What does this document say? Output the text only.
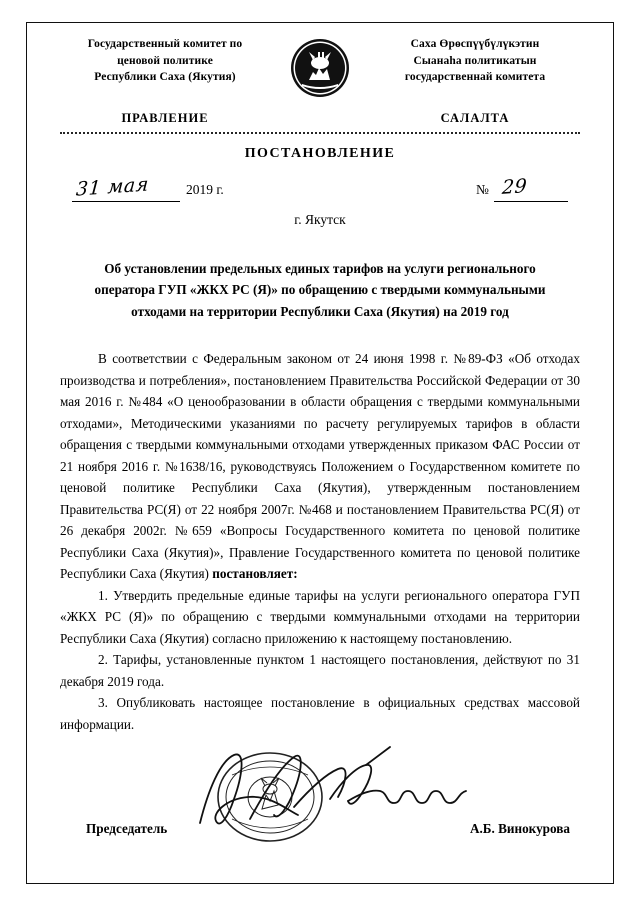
Государственный комитет по
ценовой политике
Республики Саха (Якутия)
Саха Өрөспүүбүлүкэтин
Сыанаһа политикатын
государственнай комитета
ПРАВЛЕНИЕ	САЛАЛТА
ПОСТАНОВЛЕНИЕ
31 мая	2019 г.	№ 29
г. Якутск
Об установлении предельных единых тарифов на услуги регионального оператора ГУП «ЖКХ РС (Я)» по обращению с твердыми коммунальными отходами на территории Республики Саха (Якутия) на 2019 год

В соответствии с Федеральным законом от 24 июня 1998 г. №89-ФЗ «Об отходах производства и потребления», постановлением Правительства Российской Федерации от 30 мая 2016 г. №484 «О ценообразовании в области обращения с твердыми коммунальными отходами», Методическими указаниями по расчету регулируемых тарифов в области обращения с твердыми коммунальными отходами утвержденных приказом ФАС России от 21 ноября 2016 г. №1638/16, руководствуясь Положением о Государственном комитете по ценовой политике Республики Саха (Якутия), утвержденным постановлением Правительства РС(Я) от 22 ноября 2007г. №468 и постановлением Правительства РС(Я) от 26 декабря 2002г. №659 «Вопросы Государственного комитета по ценовой политике Республики Саха (Якутия)», Правление Государственного комитета по ценовой политике Республики Саха (Якутия) постановляет:

1. Утвердить предельные единые тарифы на услуги регионального оператора ГУП «ЖКХ РС (Я)» по обращению с твердыми коммунальными отходами на территории Республики Саха (Якутия) согласно приложению к настоящему постановлению.

2. Тарифы, установленные пунктом 1 настоящего постановления, действуют по 31 декабря 2019 года.

3. Опубликовать настоящее постановление в официальных средствах массовой информации.

Председатель	А.Б. Винокурова
